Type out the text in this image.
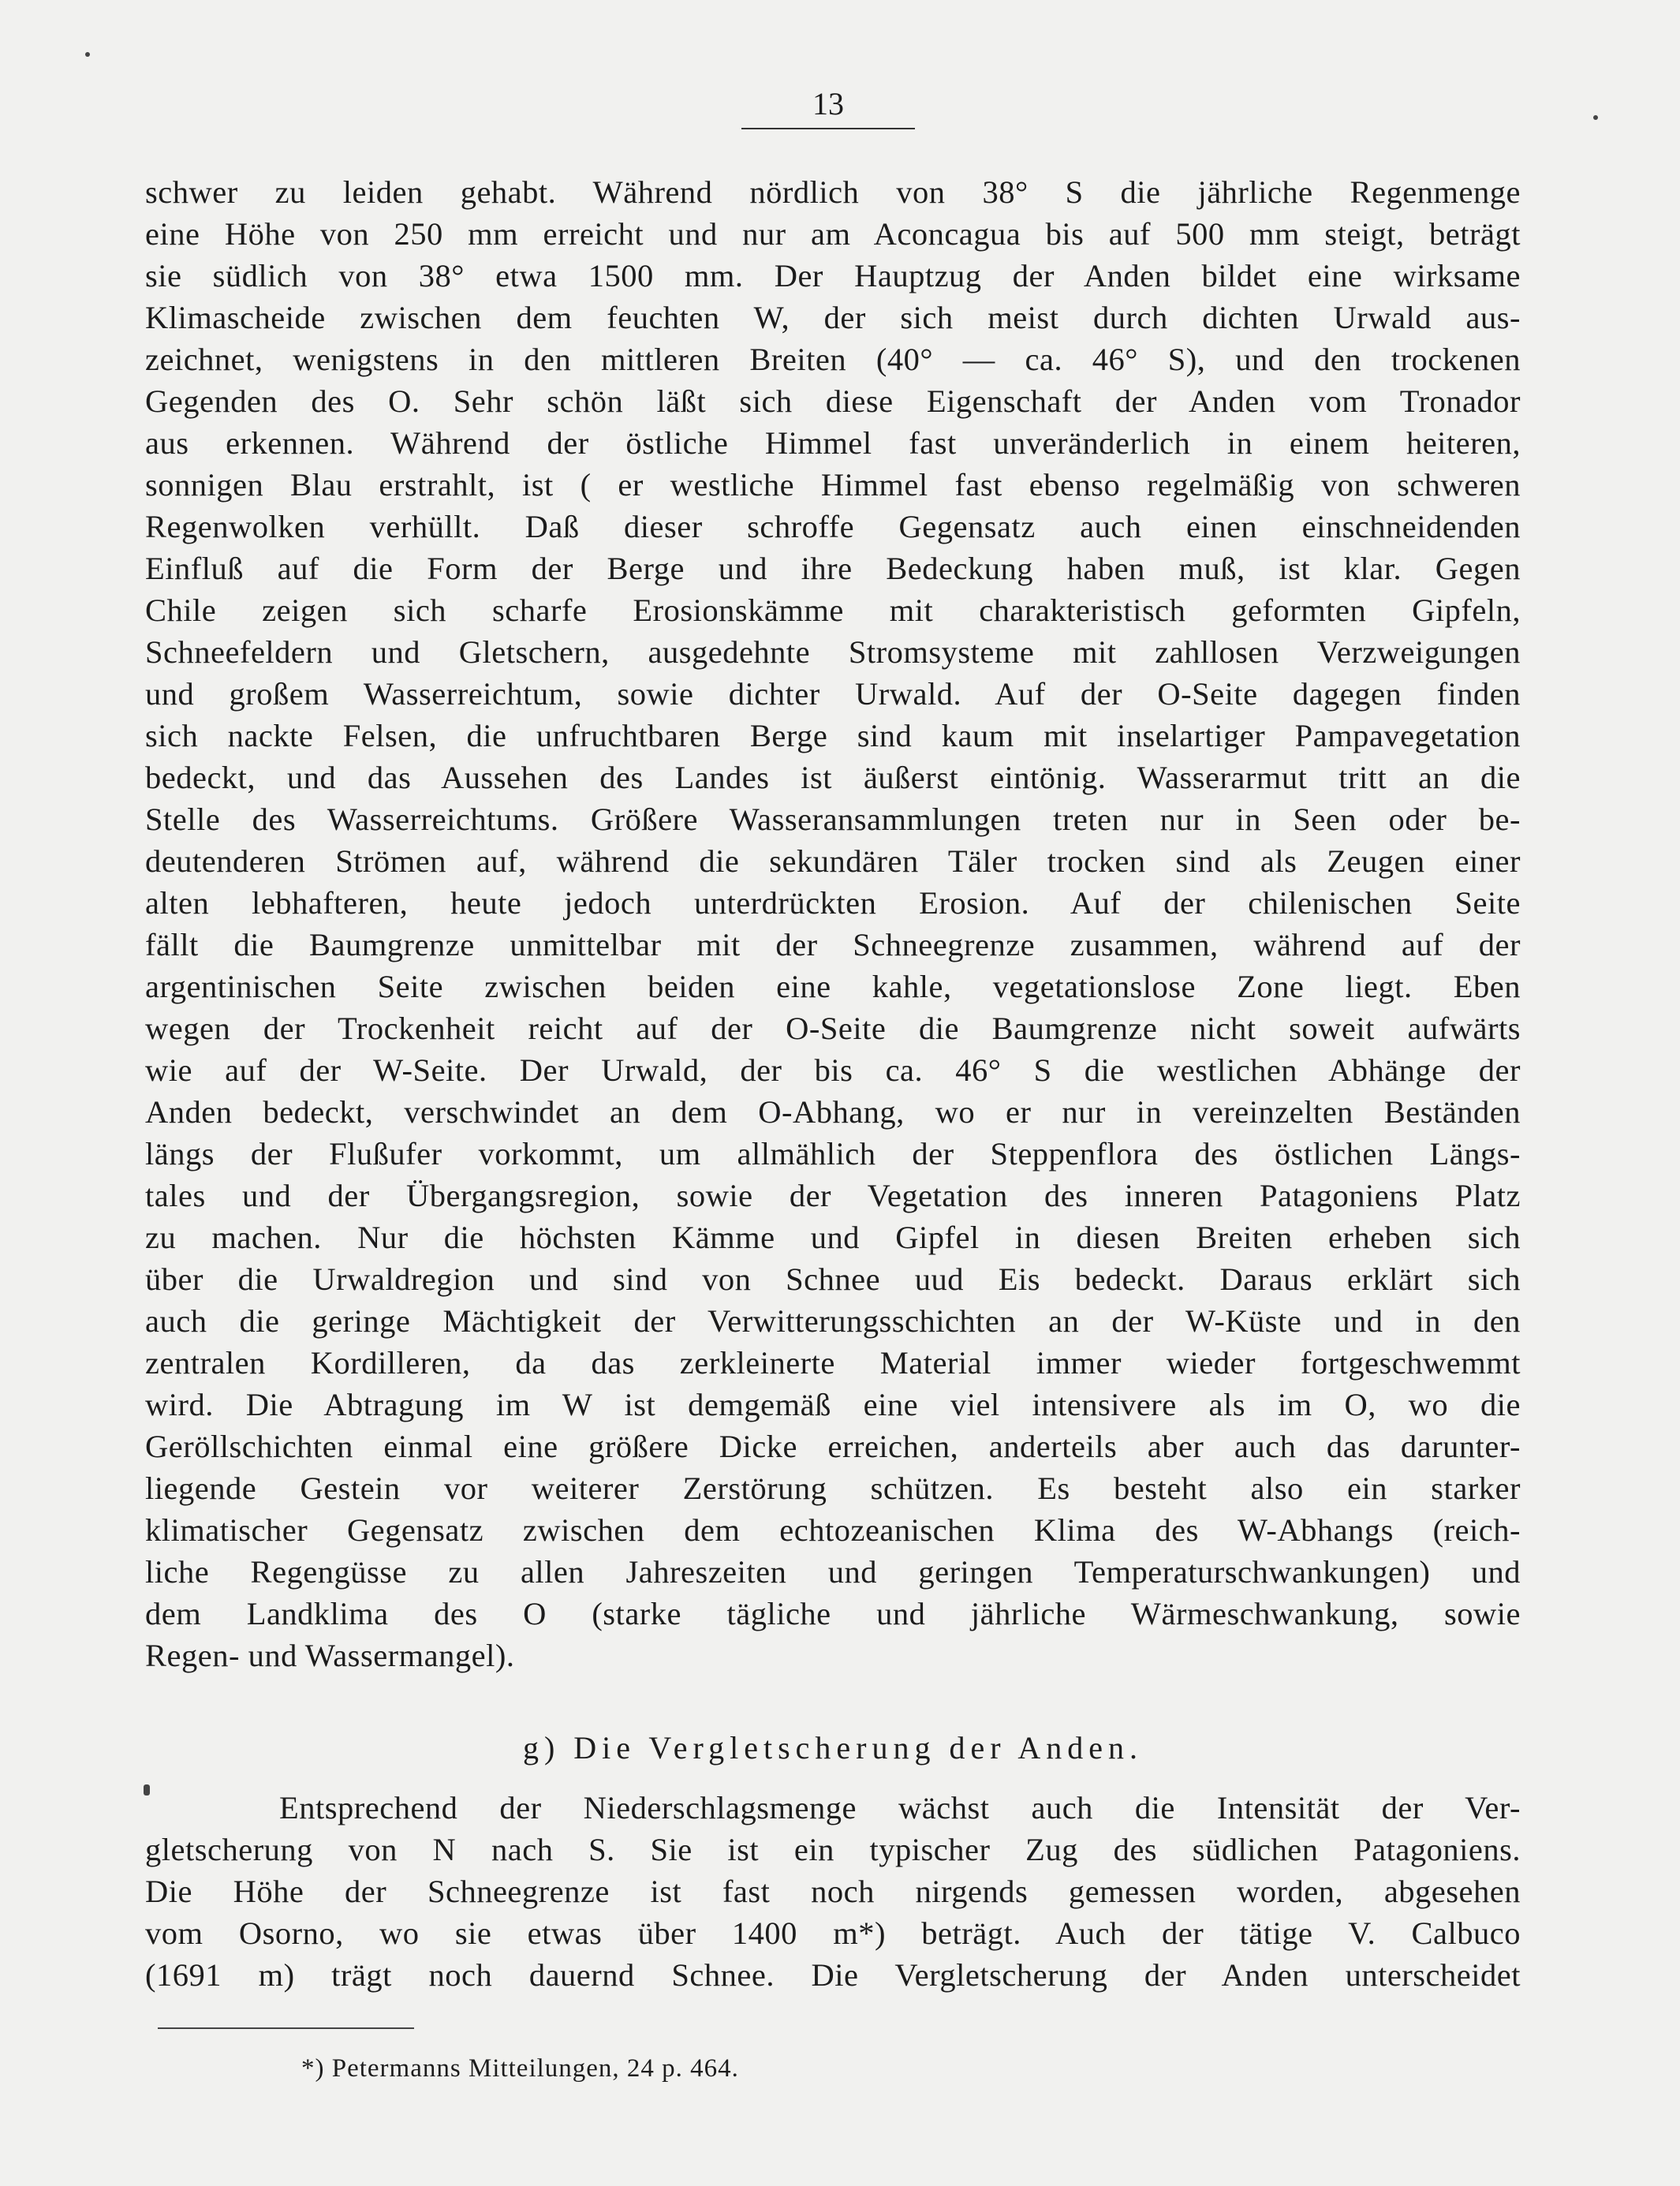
13
schwer zu leiden gehabt. Während nördlich von 38° S die jährliche Regenmenge
eine Höhe von 250 mm erreicht und nur am Aconcagua bis auf 500 mm steigt, beträgt
sie südlich von 38° etwa 1500 mm. Der Hauptzug der Anden bildet eine wirksame
Klimascheide zwischen dem feuchten W, der sich meist durch dichten Urwald aus-
zeichnet, wenigstens in den mittleren Breiten (40° — ca. 46° S), und den trockenen
Gegenden des O. Sehr schön läßt sich diese Eigenschaft der Anden vom Tronador
aus erkennen. Während der östliche Himmel fast unveränderlich in einem heiteren,
sonnigen Blau erstrahlt, ist ( er westliche Himmel fast ebenso regelmäßig von schweren
Regenwolken verhüllt. Daß dieser schroffe Gegensatz auch einen einschneidenden
Einfluß auf die Form der Berge und ihre Bedeckung haben muß, ist klar. Gegen
Chile zeigen sich scharfe Erosionskämme mit charakteristisch geformten Gipfeln,
Schneefeldern und Gletschern, ausgedehnte Stromsysteme mit zahllosen Verzweigungen
und großem Wasserreichtum, sowie dichter Urwald. Auf der O-Seite dagegen finden
sich nackte Felsen, die unfruchtbaren Berge sind kaum mit inselartiger Pampavegetation
bedeckt, und das Aussehen des Landes ist äußerst eintönig. Wasserarmut tritt an die
Stelle des Wasserreichtums. Größere Wasseransammlungen treten nur in Seen oder be-
deutenderen Strömen auf, während die sekundären Täler trocken sind als Zeugen einer
alten lebhafteren, heute jedoch unterdrückten Erosion. Auf der chilenischen Seite
fällt die Baumgrenze unmittelbar mit der Schneegrenze zusammen, während auf der
argentinischen Seite zwischen beiden eine kahle, vegetationslose Zone liegt. Eben
wegen der Trockenheit reicht auf der O-Seite die Baumgrenze nicht soweit aufwärts
wie auf der W-Seite. Der Urwald, der bis ca. 46° S die westlichen Abhänge der
Anden bedeckt, verschwindet an dem O-Abhang, wo er nur in vereinzelten Beständen
längs der Flußufer vorkommt, um allmählich der Steppenflora des östlichen Längs-
tales und der Übergangsregion, sowie der Vegetation des inneren Patagoniens Platz
zu machen. Nur die höchsten Kämme und Gipfel in diesen Breiten erheben sich
über die Urwaldregion und sind von Schnee uud Eis bedeckt. Daraus erklärt sich
auch die geringe Mächtigkeit der Verwitterungsschichten an der W-Küste und in den
zentralen Kordilleren, da das zerkleinerte Material immer wieder fortgeschwemmt
wird. Die Abtragung im W ist demgemäß eine viel intensivere als im O, wo die
Geröllschichten einmal eine größere Dicke erreichen, anderteils aber auch das darunter-
liegende Gestein vor weiterer Zerstörung schützen. Es besteht also ein starker
klimatischer Gegensatz zwischen dem echtozeanischen Klima des W-Abhangs (reich-
liche Regengüsse zu allen Jahreszeiten und geringen Temperaturschwankungen) und
dem Landklima des O (starke tägliche und jährliche Wärmeschwankung, sowie
Regen- und Wassermangel).
g) Die Vergletscherung der Anden.
Entsprechend der Niederschlagsmenge wächst auch die Intensität der Ver-
gletscherung von N nach S. Sie ist ein typischer Zug des südlichen Patagoniens.
Die Höhe der Schneegrenze ist fast noch nirgends gemessen worden, abgesehen
vom Osorno, wo sie etwas über 1400 m*) beträgt. Auch der tätige V. Calbuco
(1691 m) trägt noch dauernd Schnee. Die Vergletscherung der Anden unterscheidet
*) Petermanns Mitteilungen, 24 p. 464.
